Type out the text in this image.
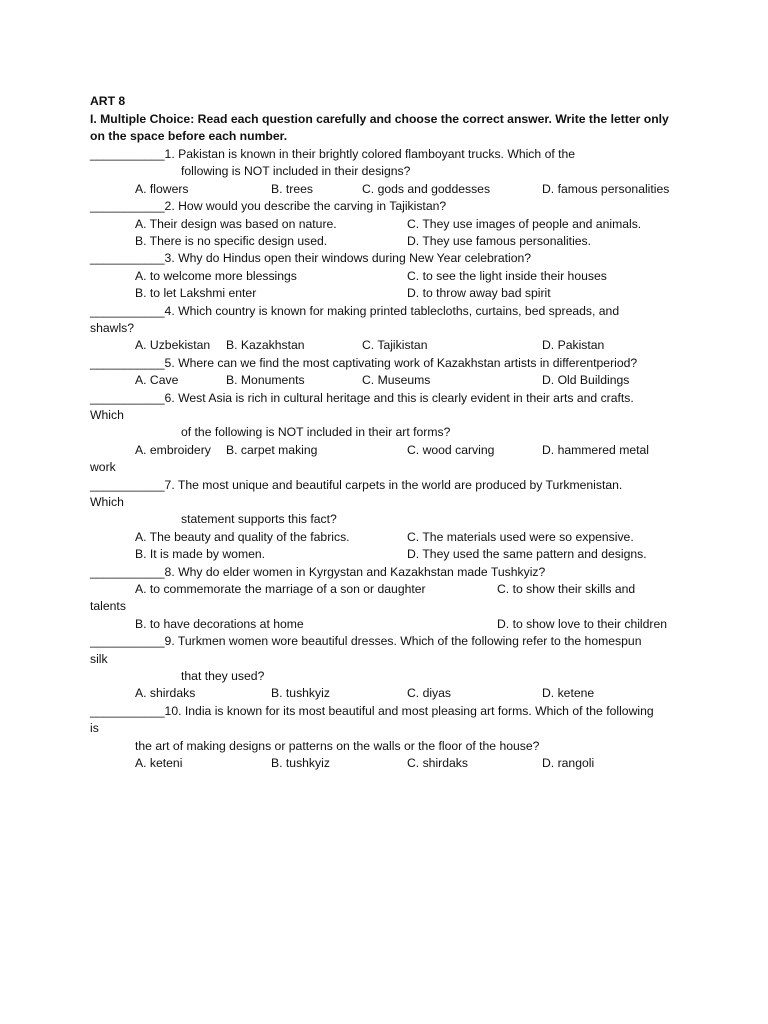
ART 8
I. Multiple Choice: Read each question carefully and choose the correct answer. Write the letter only
on the space before each number.
___________1. Pakistan is known in their brightly colored flamboyant trucks. Which of the
following is NOT included in their designs?
A. flowers	B. trees	C. gods and goddesses	D. famous personalities
___________2. How would you describe the carving in Tajikistan?
A. Their design was based on nature.	C. They use images of people and animals.
B. There is no specific design used.	D. They use famous personalities.
___________3. Why do Hindus open their windows during New Year celebration?
A. to welcome more blessings	C. to see the light inside their houses
B. to let Lakshmi enter	D. to throw away bad spirit
___________4. Which country is known for making printed tablecloths, curtains, bed spreads, and
shawls?
A. Uzbekistan B. Kazakhstan	C. Tajikistan	D. Pakistan
___________5. Where can we find the most captivating work of Kazakhstan artists in differentperiod?
A. Cave	B. Monuments	C. Museums	D. Old Buildings
___________6. West Asia is rich in cultural heritage and this is clearly evident in their arts and crafts.
Which
of the following is NOT included in their art forms?
A. embroidery B. carpet making	C. wood carving	D. hammered metal
work
___________7. The most unique and beautiful carpets in the world are produced by Turkmenistan.
Which
statement supports this fact?
A. The beauty and quality of the fabrics.	C. The materials used were so expensive.
B. It is made by women.	D. They used the same pattern and designs.
___________8. Why do elder women in Kyrgystan and Kazakhstan made Tushkyiz?
A. to commemorate the marriage of a son or daughter	C. to show their skills and
talents
B. to have decorations at home	D. to show love to their children
___________9. Turkmen women wore beautiful dresses. Which of the following refer to the homespun
silk
that they used?
A. shirdaks	B. tushkyiz	C. diyas	D. ketene
___________10. India is known for its most beautiful and most pleasing art forms. Which of the following
is
the art of making designs or patterns on the walls or the floor of the house?
A. keteni	B. tushkyiz	C. shirdaks	D. rangoli
